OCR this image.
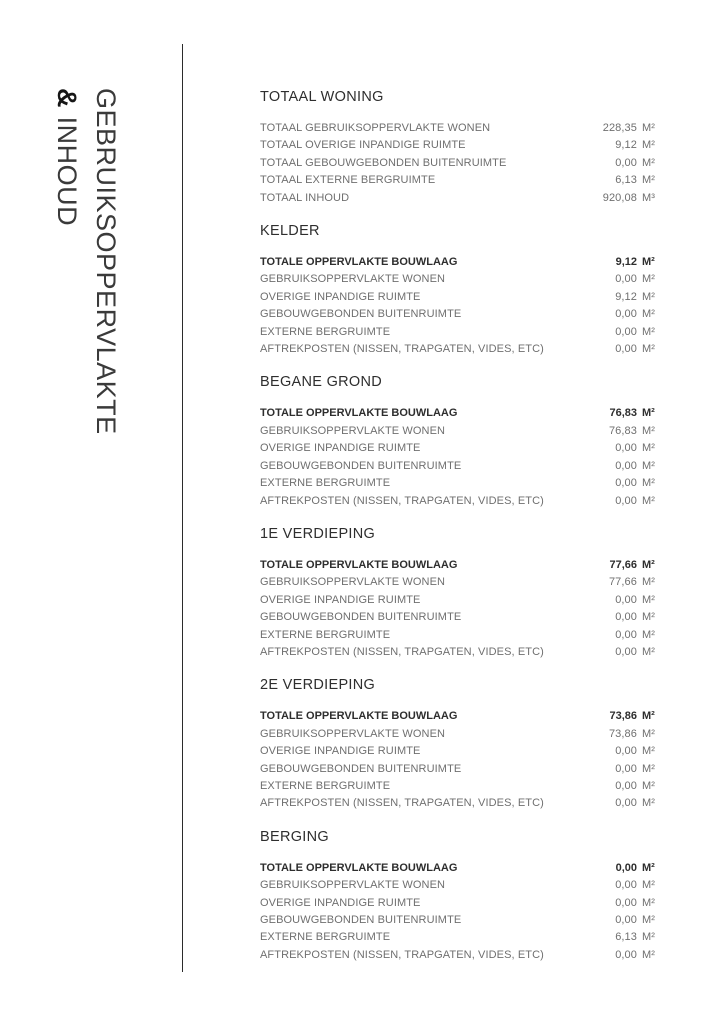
GEBRUIKSOPPERVLAKTE
&INHOUD
TOTAAL WONING
TOTAAL GEBRUIKSOPPERVLAKTE WONEN	228,35 M²
TOTAAL OVERIGE INPANDIGE RUIMTE	9,12 M²
TOTAAL GEBOUWGEBONDEN BUITENRUIMTE	0,00 M²
TOTAAL EXTERNE BERGRUIMTE	6,13 M²
TOTAAL INHOUD	920,08 M³
KELDER
TOTALE OPPERVLAKTE BOUWLAAG	9,12 M²
GEBRUIKSOPPERVLAKTE WONEN	0,00 M²
OVERIGE INPANDIGE RUIMTE	9,12 M²
GEBOUWGEBONDEN BUITENRUIMTE	0,00 M²
EXTERNE BERGRUIMTE	0,00 M²
AFTREKPOSTEN (NISSEN, TRAPGATEN, VIDES, ETC)	0,00 M²
BEGANE GROND
TOTALE OPPERVLAKTE BOUWLAAG	76,83 M²
GEBRUIKSOPPERVLAKTE WONEN	76,83 M²
OVERIGE INPANDIGE RUIMTE	0,00 M²
GEBOUWGEBONDEN BUITENRUIMTE	0,00 M²
EXTERNE BERGRUIMTE	0,00 M²
AFTREKPOSTEN (NISSEN, TRAPGATEN, VIDES, ETC)	0,00 M²
1E VERDIEPING
TOTALE OPPERVLAKTE BOUWLAAG	77,66 M²
GEBRUIKSOPPERVLAKTE WONEN	77,66 M²
OVERIGE INPANDIGE RUIMTE	0,00 M²
GEBOUWGEBONDEN BUITENRUIMTE	0,00 M²
EXTERNE BERGRUIMTE	0,00 M²
AFTREKPOSTEN (NISSEN, TRAPGATEN, VIDES, ETC)	0,00 M²
2E VERDIEPING
TOTALE OPPERVLAKTE BOUWLAAG	73,86 M²
GEBRUIKSOPPERVLAKTE WONEN	73,86 M²
OVERIGE INPANDIGE RUIMTE	0,00 M²
GEBOUWGEBONDEN BUITENRUIMTE	0,00 M²
EXTERNE BERGRUIMTE	0,00 M²
AFTREKPOSTEN (NISSEN, TRAPGATEN, VIDES, ETC)	0,00 M²
BERGING
TOTALE OPPERVLAKTE BOUWLAAG	0,00 M²
GEBRUIKSOPPERVLAKTE WONEN	0,00 M²
OVERIGE INPANDIGE RUIMTE	0,00 M²
GEBOUWGEBONDEN BUITENRUIMTE	0,00 M²
EXTERNE BERGRUIMTE	6,13 M²
AFTREKPOSTEN (NISSEN, TRAPGATEN, VIDES, ETC)	0,00 M²
